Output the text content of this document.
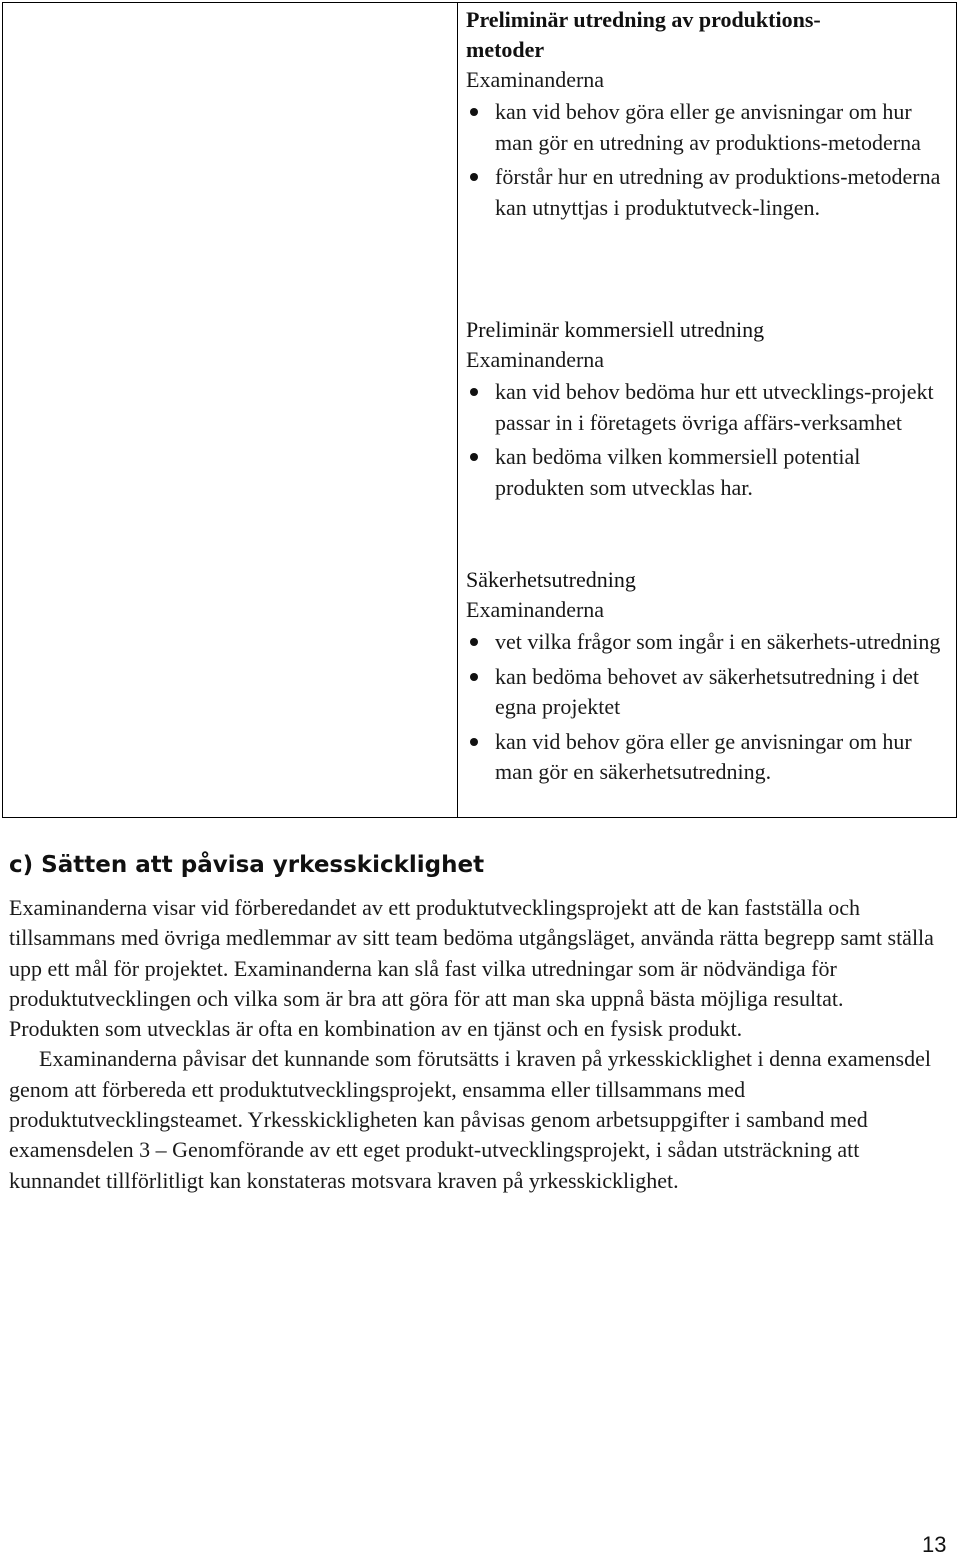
Preliminär utredning av produktions-
metoder

Examinanderna

kan vid behov göra eller ge anvisningar om hur man gör en utredning av produktions-metoderna
förstår hur en utredning av produktions-metoderna kan utnyttjas i produktutveck-lingen.

Preliminär kommersiell utredning

Examinanderna

kan vid behov bedöma hur ett utvecklings-projekt passar in i företagets övriga affärs-verksamhet
kan bedöma vilken kommersiell potential produkten som utvecklas har.

Säkerhetsutredning

Examinanderna

vet vilka frågor som ingår i en säkerhets-utredning
kan bedöma behovet av säkerhetsutredning i det egna projektet
kan vid behov göra eller ge anvisningar om hur man gör en säkerhetsutredning.
c) Sätten att påvisa yrkesskicklighet

Examinanderna visar vid förberedandet av ett produktutvecklingsprojekt att de kan fastställa och tillsammans med övriga medlemmar av sitt team bedöma utgångsläget, använda rätta begrepp samt ställa upp ett mål för projektet. Examinanderna kan slå fast vilka utredningar som är nödvändiga för produktutvecklingen och vilka som är bra att göra för att man ska uppnå bästa möjliga resultat. Produkten som utvecklas är ofta en kombination av en tjänst och en fysisk produkt.

Examinanderna påvisar det kunnande som förutsätts i kraven på yrkesskicklighet i denna examensdel genom att förbereda ett produktutvecklingsprojekt, ensamma eller tillsammans med produktutvecklingsteamet. Yrkesskickligheten kan påvisas genom arbetsuppgifter i samband med examensdelen 3 – Genomförande av ett eget produkt-utvecklingsprojekt, i sådan utsträckning att kunnandet tillförlitligt kan konstateras motsvara kraven på yrkesskicklighet.

13
